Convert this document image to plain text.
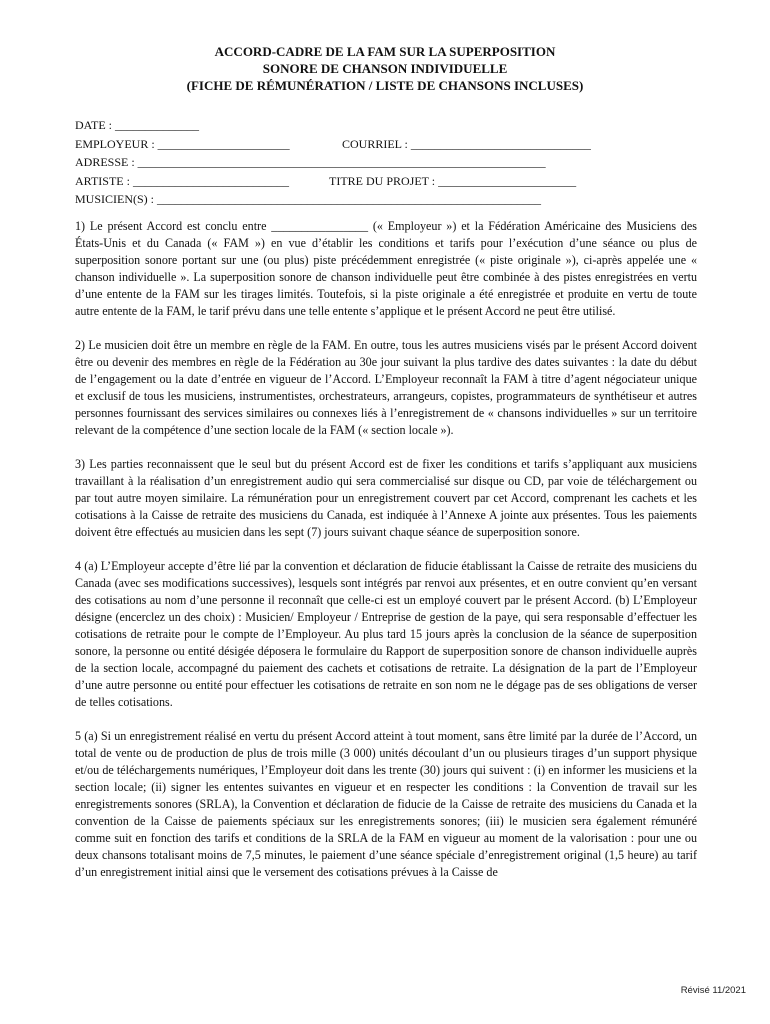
ACCORD-CADRE DE LA FAM SUR LA SUPERPOSITION
SONORE DE CHANSON INDIVIDUELLE
(FICHE DE RÉMUNÉRATION / LISTE DE CHANSONS INCLUSES)
DATE : ______________
EMPLOYEUR : ______________________	COURRIEL : ______________________________
ADRESSE : ____________________________________________________________________
ARTISTE : __________________________	TITRE DU PROJET : _______________________
MUSICIEN(S) : ________________________________________________________________

1) Le présent Accord est conclu entre ________________ (« Employeur ») et la Fédération Américaine des Musiciens des États-Unis et du Canada (« FAM ») en vue d’établir les conditions et tarifs pour l’exécution d’une séance ou plus de superposition sonore portant sur une (ou plus) piste précédemment enregistrée (« piste originale »), ci-après appelée une « chanson individuelle ». La superposition sonore de chanson individuelle peut être combinée à des pistes enregistrées en vertu d’une entente de la FAM sur les tirages limités. Toutefois, si la piste originale a été enregistrée et produite en vertu de toute autre entente de la FAM, le tarif prévu dans une telle entente s’applique et le présent Accord ne peut être utilisé.

2) Le musicien doit être un membre en règle de la FAM. En outre, tous les autres musiciens visés par le présent Accord doivent être ou devenir des membres en règle de la Fédération au 30e jour suivant la plus tardive des dates suivantes : la date du début de l’engagement ou la date d’entrée en vigueur de l’Accord. L’Employeur reconnaît la FAM à titre d’agent négociateur unique et exclusif de tous les musiciens, instrumentistes, orchestrateurs, arrangeurs, copistes, programmateurs de synthétiseur et autres personnes fournissant des services similaires ou connexes liés à l’enregistrement de « chansons individuelles » sur un territoire relevant de la compétence d’une section locale de la FAM (« section locale »).

3) Les parties reconnaissent que le seul but du présent Accord est de fixer les conditions et tarifs s’appliquant aux musiciens travaillant à la réalisation d’un enregistrement audio qui sera commercialisé sur disque ou CD, par voie de téléchargement ou par tout autre moyen similaire. La rémunération pour un enregistrement couvert par cet Accord, comprenant les cachets et les cotisations à la Caisse de retraite des musiciens du Canada, est indiquée à l’Annexe A jointe aux présentes. Tous les paiements doivent être effectués au musicien dans les sept (7) jours suivant chaque séance de superposition sonore.

4 (a) L’Employeur accepte d’être lié par la convention et déclaration de fiducie établissant la Caisse de retraite des musiciens du Canada (avec ses modifications successives), lesquels sont intégrés par renvoi aux présentes, et en outre convient qu’en versant des cotisations au nom d’une personne il reconnaît que celle-ci est un employé couvert par le présent Accord. (b) L’Employeur désigne (encerclez un des choix) : Musicien/ Employeur / Entreprise de gestion de la paye, qui sera responsable d’effectuer les cotisations de retraite pour le compte de l’Employeur. Au plus tard 15 jours après la conclusion de la séance de superposition sonore, la personne ou entité désigée déposera le formulaire du Rapport de superposition sonore de chanson individuelle auprès de la section locale, accompagné du paiement des cachets et cotisations de retraite. La désignation de la part de l’Employeur d’une autre personne ou entité pour effectuer les cotisations de retraite en son nom ne le dégage pas de ses obligations de verser de telles cotisations.

5 (a) Si un enregistrement réalisé en vertu du présent Accord atteint à tout moment, sans être limité par la durée de l’Accord, un total de vente ou de production de plus de trois mille (3 000) unités découlant d’un ou plusieurs tirages d’un support physique et/ou de téléchargements numériques, l’Employeur doit dans les trente (30) jours qui suivent : (i) en informer les musiciens et la section locale; (ii) signer les ententes suivantes en vigueur et en respecter les conditions : la Convention de travail sur les enregistrements sonores (SRLA), la Convention et déclaration de fiducie de la Caisse de retraite des musiciens du Canada et la convention de la Caisse de paiements spéciaux sur les enregistrements sonores; (iii) le musicien sera également rémunéré comme suit en fonction des tarifs et conditions de la SRLA de la FAM en vigueur au moment de la valorisation : pour une ou deux chansons totalisant moins de 7,5 minutes, le paiement d’une séance spéciale d’enregistrement original (1,5 heure) au tarif d’un enregistrement initial ainsi que le versement des cotisations prévues à la Caisse de

Révisé 11/2021
